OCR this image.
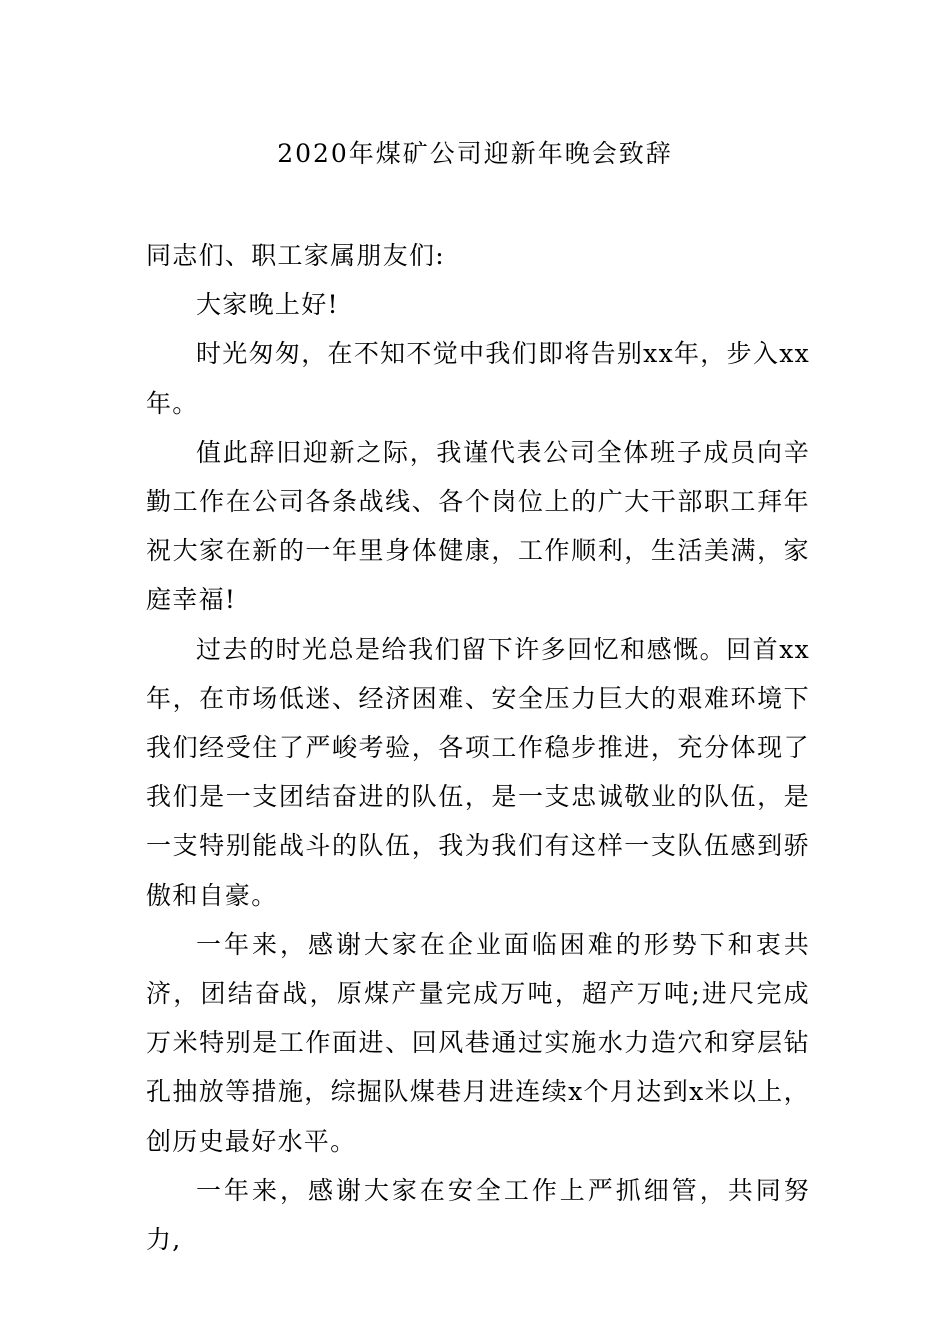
2020年煤矿公司迎新年晚会致辞

同志们、职工家属朋友们:

大家晚上好!

时光匆匆，在不知不觉中我们即将告别xx年，步入xx年。

值此辞旧迎新之际，我谨代表公司全体班子成员向辛勤工作在公司各条战线、各个岗位上的广大干部职工拜年祝大家在新的一年里身体健康，工作顺利，生活美满，家庭幸福!

过去的时光总是给我们留下许多回忆和感慨。回首xx年，在市场低迷、经济困难、安全压力巨大的艰难环境下我们经受住了严峻考验，各项工作稳步推进，充分体现了我们是一支团结奋进的队伍，是一支忠诚敬业的队伍，是一支特别能战斗的队伍，我为我们有这样一支队伍感到骄傲和自豪。

一年来，感谢大家在企业面临困难的形势下和衷共济，团结奋战，原煤产量完成万吨，超产万吨;进尺完成万米特别是工作面进、回风巷通过实施水力造穴和穿层钻孔抽放等措施，综掘队煤巷月进连续x个月达到x米以上，创历史最好水平。

一年来，感谢大家在安全工作上严抓细管，共同努力,
